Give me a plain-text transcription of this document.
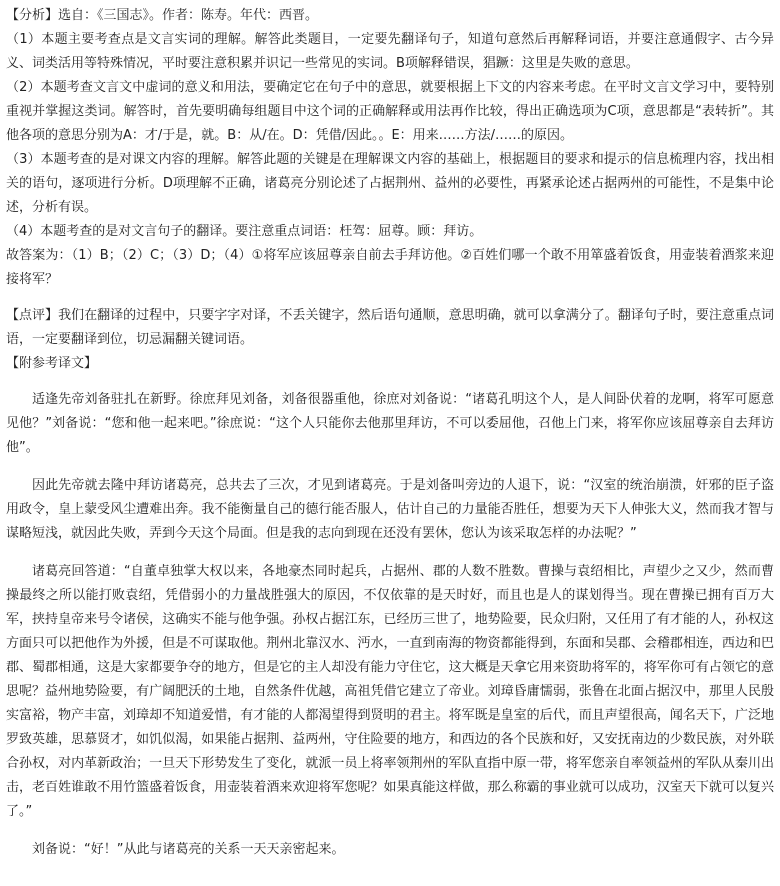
【分析】选自：《三国志》。作者：陈寿。年代：西晋。

（1）本题主要考查点是文言实词的理解。解答此类题目，一定要先翻译句子，知道句意然后再解释词语，并要注意通假字、古今异义、词类活用等特殊情况，平时要注意积累并识记一些常见的实词。B项解释错误，猖蹶：这里是失败的意思。

（2）本题考查文言文中虚词的意义和用法，要确定它在句子中的意思，就要根据上下文的内容来考虑。在平时文言文学习中，要特别重视并掌握这类词。解答时，首先要明确每组题目中这个词的正确解释或用法再作比较，得出正确选项为C项，意思都是“表转折”。其他各项的意思分别为A：才/于是，就。B：从/在。D：凭借/因此。。E：用来……方法/……的原因。

（3）本题考查的是对课文内容的理解。解答此题的关键是在理解课文内容的基础上，根据题目的要求和提示的信息梳理内容，找出相关的语句，逐项进行分析。D项理解不正确，诸葛亮分别论述了占据荆州、益州的必要性，再紧承论述占据两州的可能性，不是集中论述，分析有误。

（4）本题考查的是对文言句子的翻译。要注意重点词语：枉驾：屈尊。顾：拜访。

故答案为：（1）B；（2）C；（3）D；（4）①将军应该屈尊亲自前去手拜访他。②百姓们哪一个敢不用箪盛着饭食，用壶装着酒浆来迎接将军？

【点评】我们在翻译的过程中，只要字字对译，不丢关键字，然后语句通顺，意思明确，就可以拿满分了。翻译句子时，要注意重点词语，一定要翻译到位，切忌漏翻关键词语。

【附参考译文】

适逢先帝刘备驻扎在新野。徐庶拜见刘备，刘备很器重他，徐庶对刘备说：“诸葛孔明这个人，是人间卧伏着的龙啊，将军可愿意见他？”刘备说：“您和他一起来吧。”徐庶说：“这个人只能你去他那里拜访，不可以委屈他，召他上门来，将军你应该屈尊亲自去拜访他”。

因此先帝就去隆中拜访诸葛亮，总共去了三次，才见到诸葛亮。于是刘备叫旁边的人退下，说：“汉室的统治崩溃，奸邪的臣子盗用政令，皇上蒙受风尘遭难出奔。我不能衡量自己的德行能否服人，估计自己的力量能否胜任，想要为天下人伸张大义，然而我才智与谋略短浅，就因此失败，弄到今天这个局面。但是我的志向到现在还没有罢休，您认为该采取怎样的办法呢？”

诸葛亮回答道：“自董卓独掌大权以来，各地豪杰同时起兵，占据州、郡的人数不胜数。曹操与袁绍相比，声望少之又少，然而曹操最终之所以能打败袁绍，凭借弱小的力量战胜强大的原因，不仅依靠的是天时好，而且也是人的谋划得当。现在曹操已拥有百万大军，挟持皇帝来号令诸侯，这确实不能与他争强。孙权占据江东，已经历三世了，地势险要，民众归附，又任用了有才能的人，孙权这方面只可以把他作为外援，但是不可谋取他。荆州北靠汉水、沔水，一直到南海的物资都能得到，东面和吴郡、会稽郡相连，西边和巴郡、蜀郡相通，这是大家都要争夺的地方，但是它的主人却没有能力守住它，这大概是天拿它用来资助将军的，将军你可有占领它的意思呢？益州地势险要，有广阔肥沃的土地，自然条件优越，高祖凭借它建立了帝业。刘璋昏庸懦弱，张鲁在北面占据汉中，那里人民殷实富裕，物产丰富，刘璋却不知道爱惜，有才能的人都渴望得到贤明的君主。将军既是皇室的后代，而且声望很高，闻名天下，广泛地罗致英雄，思慕贤才，如饥似渴，如果能占据荆、益两州，守住险要的地方，和西边的各个民族和好，又安抚南边的少数民族，对外联合孙权，对内革新政治；一旦天下形势发生了变化，就派一员上将率领荆州的军队直指中原一带，将军您亲自率领益州的军队从秦川出击，老百姓谁敢不用竹篮盛着饭食，用壶装着酒来欢迎将军您呢？如果真能这样做，那么称霸的事业就可以成功，汉室天下就可以复兴了。”

刘备说：“好！”从此与诸葛亮的关系一天天亲密起来。
